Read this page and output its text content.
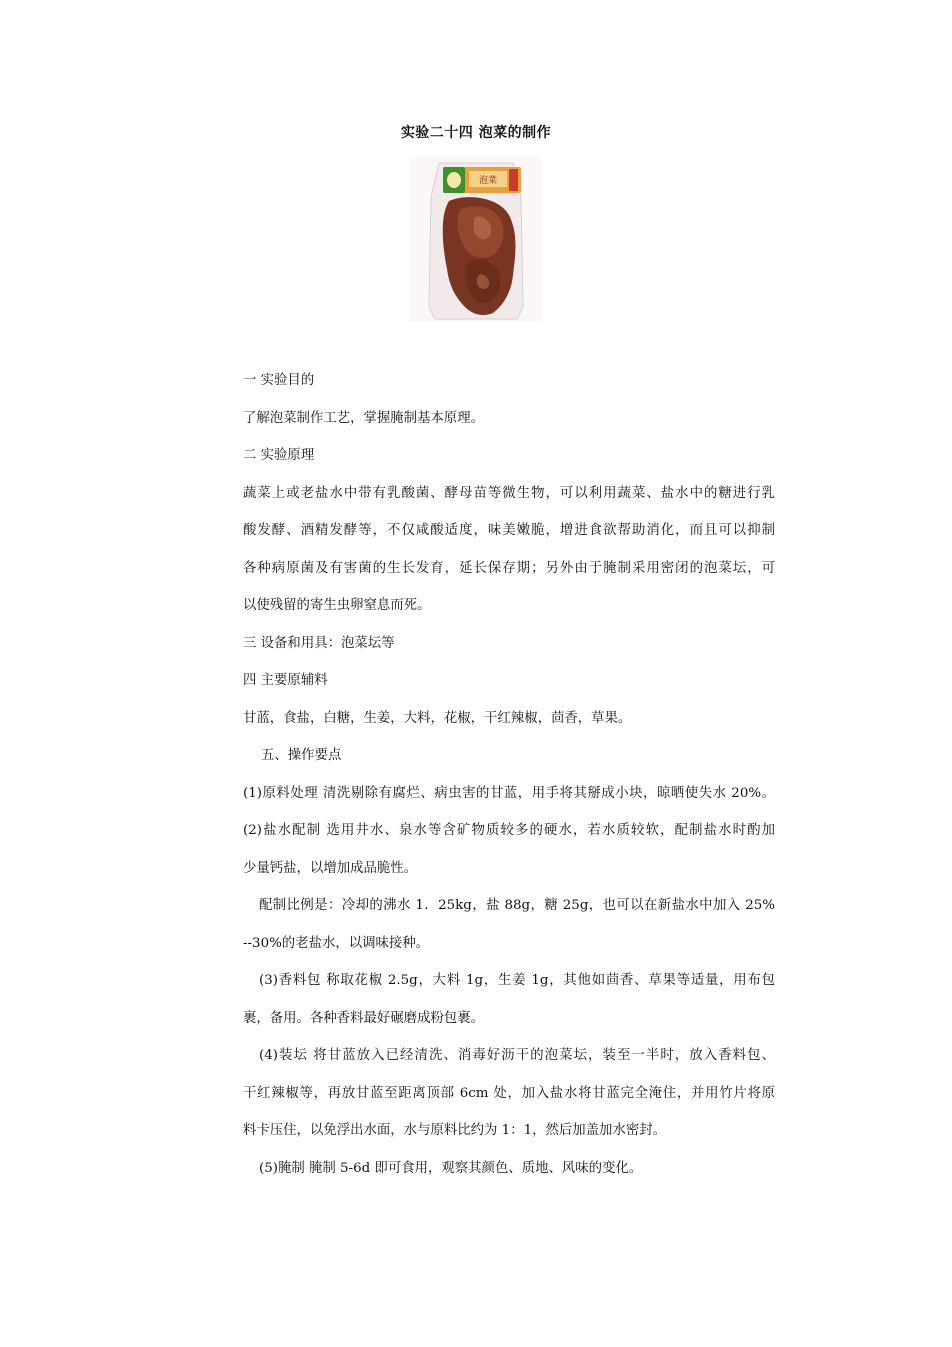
实验二十四 泡菜的制作
泡菜
一 实验目的
了解泡菜制作工艺，掌握腌制基本原理。
二 实验原理
蔬菜上或老盐水中带有乳酸菌、酵母苗等微生物，可以利用蔬菜、盐水中的糖进行乳
酸发酵、酒精发酵等，不仅咸酸适度，味美嫩脆，增进食欲帮助消化，而且可以抑制
各种病原菌及有害菌的生长发育，延长保存期；另外由于腌制采用密闭的泡菜坛，可
以使残留的寄生虫卵窒息而死。
三 设备和用具：泡菜坛等
四 主要原辅料
甘蓝，食盐，白糖，生姜，大料，花椒，干红辣椒，茴香，草果。
五、操作要点
(1)原料处理 清洗剔除有腐烂、病虫害的甘蓝，用手将其掰成小块，晾晒使失水 20%。
(2)盐水配制 选用井水、泉水等含矿物质较多的硬水，若水质较软，配制盐水时酌加
少量钙盐，以增加成品脆性。
配制比例是：冷却的沸水 1．25kg，盐 88g，糖 25g，也可以在新盐水中加入 25%
--30%的老盐水，以调味接种。
(3)香料包 称取花椒 2.5g，大料 1g，生姜 1g，其他如茴香、草果等适量，用布包
裹，备用。各种香料最好碾磨成粉包裹。
(4)装坛 将甘蓝放入已经清洗、消毒好沥干的泡菜坛，装至一半时，放入香料包、
干红辣椒等，再放甘蓝至距离顶部 6cm 处，加入盐水将甘蓝完全淹住，并用竹片将原
料卡压住，以免浮出水面，水与原料比约为 1：1，然后加盖加水密封。
(5)腌制 腌制 5-6d 即可食用，观察其颜色、质地、风味的变化。
